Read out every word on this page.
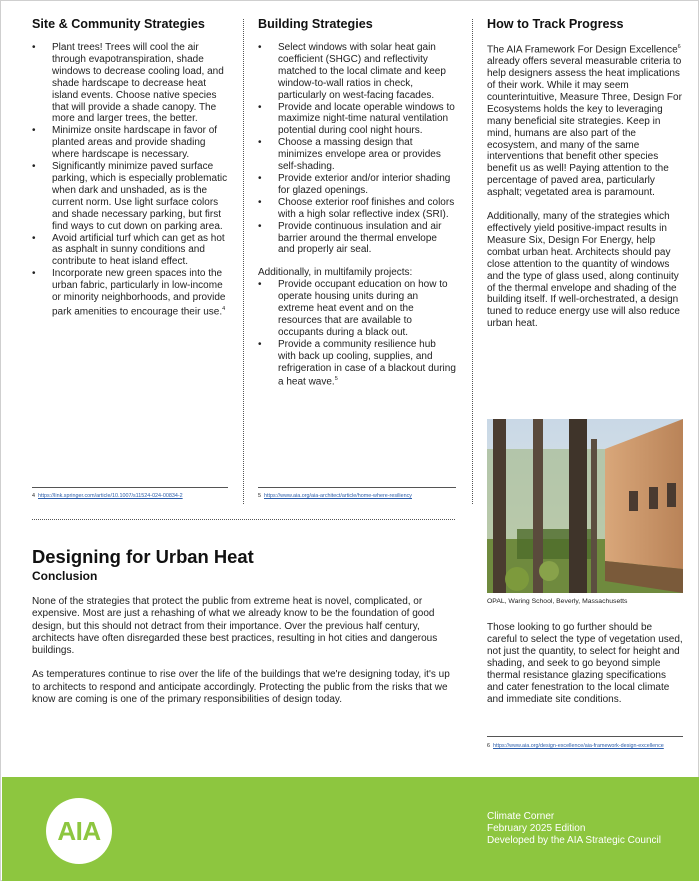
Site & Community Strategies
• Plant trees! Trees will cool the air through evapotranspiration, shade windows to decrease cooling load, and shade hardscape to decrease heat island events. Choose native species that will provide a shade canopy. The more and larger trees, the better.
• Minimize onsite hardscape in favor of planted areas and provide shading where hardscape is necessary.
• Significantly minimize paved surface parking, which is especially problematic when dark and unshaded, as is the current norm. Use light surface colors and shade necessary parking, but first find ways to cut down on parking area.
• Avoid artificial turf which can get as hot as asphalt in sunny conditions and contribute to heat island effect.
• Incorporate new green spaces into the urban fabric, particularly in low-income or minority neighborhoods, and provide park amenities to encourage their use.$^4$
Building Strategies
• Select windows with solar heat gain coefficient (SHGC) and reflectivity matched to the local climate and keep window-to-wall ratios in check, particularly on west-facing facades.
• Provide and locate operable windows to maximize night-time natural ventilation potential during cool night hours.
• Choose a massing design that minimizes envelope area or provides self-shading.
• Provide exterior and/or interior shading for glazed openings.
• Choose exterior roof finishes and colors with a high solar reflective index (SRI).
• Provide continuous insulation and air barrier around the thermal envelope and properly air seal.

Additionally, in multifamily projects:

• Provide occupant education on how to operate housing units during an extreme heat event and on the resources that are available to occupants during a black out.
• Provide a community resilience hub with back up cooling, supplies, and refrigeration in case of a blackout during a heat wave.$^5$
How to Track Progress

The AIA Framework For Design Excellence$^6$ already offers several measurable criteria to help designers assess the heat implications of their work. While it may seem counterintuitive, Measure Three, Design For Ecosystems holds the key to leveraging many beneficial site strategies. Keep in mind, humans are also part of the ecosystem, and many of the same interventions that benefit other species benefit us as well! Paying attention to the percentage of paved area, particularly asphalt; vegetated area is paramount.

Additionally, many of the strategies which effectively yield positive-impact results in Measure Six, Design For Energy, help combat urban heat. Architects should pay close attention to the quantity of windows and the type of glass used, along continuity of the thermal envelope and shading of the building itself. If well-orchestrated, a design tuned to reduce energy use will also reduce urban heat.

4 https://link.springer.com/article/10.1007/s11524-024-00834-2	5 https://www.aia.org/aia-architect/article/home-where-resiliency
Designing for Urban Heat
Conclusion

None of the strategies that protect the public from extreme heat is novel, complicated, or expensive. Most are just a rehashing of what we already know to be the foundation of good design, but this should not detract from their importance. Over the previous half century, architects have often disregarded these best practices, resulting in hot cities and dangerous buildings.

As temperatures continue to rise over the life of the buildings that we're designing today, it's up to architects to respond and anticipate accordingly. Protecting the public from the risks that we know are coming is one of the primary responsibilities of design today.

OPAL, Waring School, Beverly, Massachusetts
Those looking to go further should be careful to select the type of vegetation used, not just the quantity, to select for height and shading, and seek to go beyond simple thermal resistance glazing specifications and cater fenestration to the local climate and immediate site conditions.
6 https://www.aia.org/design-excellence/aia-framework-design-excellence
AIA	Climate Corner
February 2025 Edition
Developed by the AIA Strategic Council
